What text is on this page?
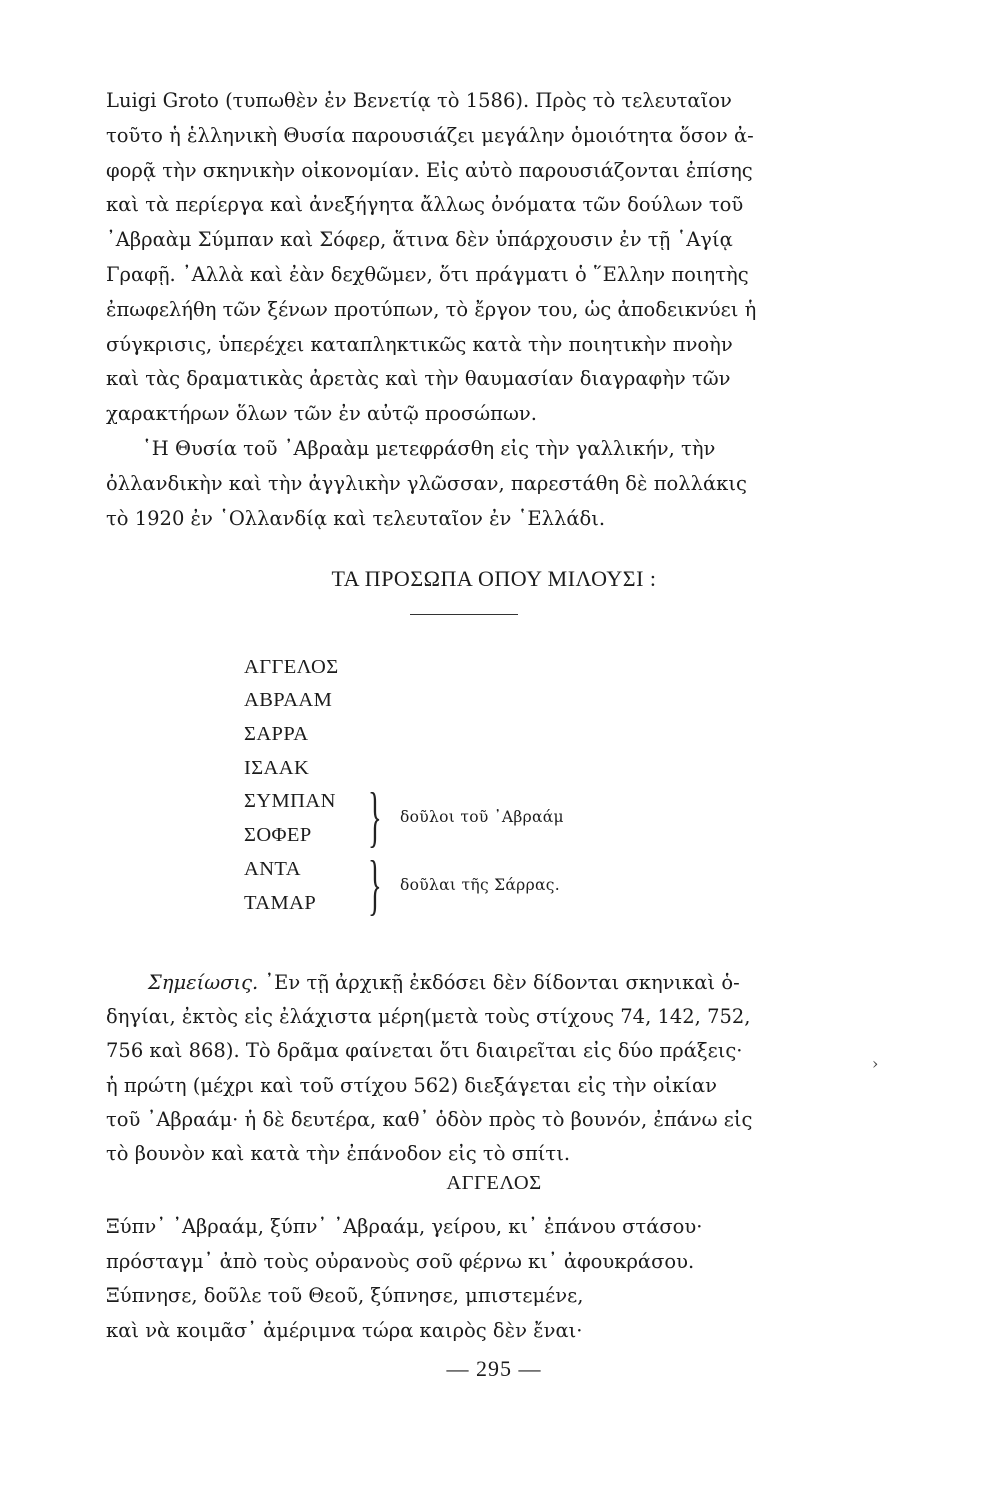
Luigi Groto (τυπωθὲν ἐν Βενετίᾳ τὸ 1586). Πρὸς τὸ τελευταῖον
τοῦτο ἡ ἑλληνικὴ Θυσία παρουσιάζει μεγάλην ὁμοιότητα ὅσον ἀ-
φορᾷ τὴν σκηνικὴν οἰκονομίαν. Εἰς αὐτὸ παρουσιάζονται ἐπίσης
καὶ τὰ περίεργα καὶ ἀνεξήγητα ἄλλως ὀνόματα τῶν δούλων τοῦ
᾿Αβραὰμ Σύμπαν καὶ Σόφερ, ἅτινα δὲν ὑπάρχουσιν ἐν τῇ ῾Αγίᾳ
Γραφῇ. ᾿Αλλὰ καὶ ἐὰν δεχθῶμεν, ὅτι πράγματι ὁ ῞Ελλην ποιητὴς
ἐπωφελήθη τῶν ξένων προτύπων, τὸ ἔργον του, ὡς ἀποδεικνύει ἡ
σύγκρισις, ὑπερέχει καταπληκτικῶς κατὰ τὴν ποιητικὴν πνοὴν
καὶ τὰς δραματικὰς ἀρετὰς καὶ τὴν θαυμασίαν διαγραφὴν τῶν
χαρακτήρων ὅλων τῶν ἐν αὐτῷ προσώπων.
῾Η Θυσία τοῦ ᾿Αβραὰμ μετεφράσθη εἰς τὴν γαλλικήν, τὴν
ὀλλανδικὴν καὶ τὴν ἀγγλικὴν γλῶσσαν, παρεστάθη δὲ πολλάκις
τὸ 1920 ἐν ῾Ολλανδίᾳ καὶ τελευταῖον ἐν ῾Ελλάδι.

ΤΑ ΠΡΟΣΩΠΑ ΟΠΟΥ ΜΙΛΟΥΣΙ :
ΑΓΓΕΛΟΣ
ΑΒΡΑΑΜ
ΣΑΡΡΑ
ΙΣΑΑΚ
ΣΥΜΠΑΝ
ΣΟΦΕΡ
ΑΝΤΑ
ΤΑΜΑΡ
} δοῦλοι τοῦ ᾿Αβραάμ
} δοῦλαι τῆς Σάρρας.

Σημείωσις. ᾿Εν τῇ ἀρχικῇ ἐκδόσει δὲν δίδονται σκηνικαὶ ὁ-
δηγίαι, ἐκτὸς εἰς ἐλάχιστα μέρη(μετὰ τοὺς στίχους 74, 142, 752,
756 καὶ 868). Τὸ δρᾶμα φαίνεται ὅτι διαιρεῖται εἰς δύο πράξεις·
ἡ πρώτη (μέχρι καὶ τοῦ στίχου 562) διεξάγεται εἰς τὴν οἰκίαν
τοῦ ᾿Αβραάμ· ἡ δὲ δευτέρα, καθ᾿ ὁδὸν πρὸς τὸ βουνόν, ἐπάνω εἰς
τὸ βουνὸν καὶ κατὰ τὴν ἐπάνοδον εἰς τὸ σπίτι.

›
ΑΓΓΕΛΟΣ

Ξύπν᾿ ᾿Αβραάμ, ξύπν᾿ ᾿Αβραάμ, γείρου, κι᾿ ἐπάνου στάσου·
πρόσταγμ᾿ ἀπὸ τοὺς οὐρανοὺς σοῦ φέρνω κι᾿ ἀφουκράσου.
Ξύπνησε, δοῦλε τοῦ Θεοῦ, ξύπνησε, μπιστεμένε,
καὶ νὰ κοιμᾶσ᾿ ἀμέριμνα τώρα καιρὸς δὲν ἔναι·

— 295 —
